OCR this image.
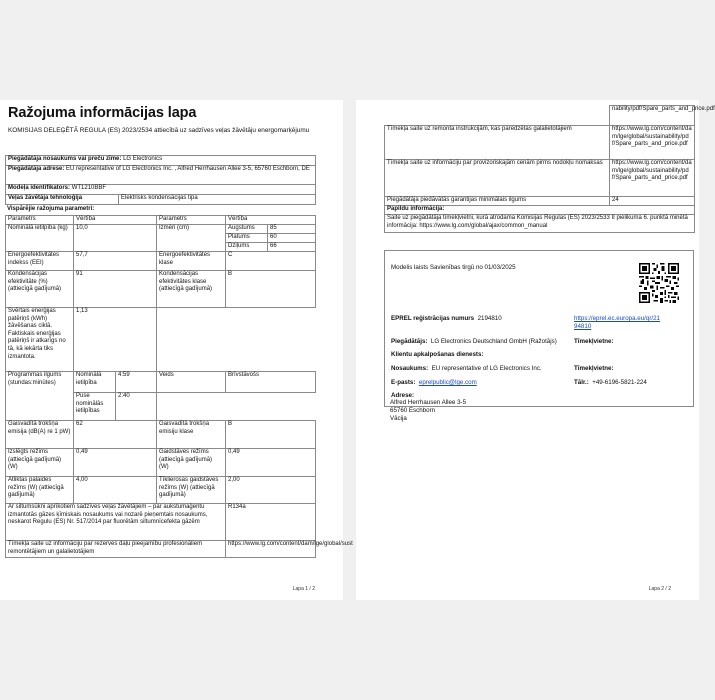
Ražojuma informācijas lapa
KOMISIJAS DELEĢĒTĀ REGULA (ES) 2023/2534 attiecībā uz sadzīves veļas žāvētāju energomarķējumu
Piegādātāja nosaukums vai preču zīme: LG Electronics
Piegādātāja adrese: EU representative of LG Electronics Inc. , Alfred Herrhausen Allee 3-5, 65760 Eschborn, DE
Modeļa identifikators: WT1210BBF
Veļas žāvētāja tehnoloģija	Elektrisks kondensācijas tipa
Vispārējie ražojuma parametri:
Parametrs	Vērtība		Parametrs	Vērtība	
Nominālā ietilpība (kg)	10,0		Izmēri (cm)	Augstums	85
				Platums	60
				Dziļums	66
Energoefektivitātes indekss (EEI)	57,7		Energoefektivitātes klase	C	
Kondensācijas efektivitāte (%) (attiecīgā gadījumā)	91		Kondensācijas efektivitātes klase (attiecīgā gadījumā)	B	
Svērtais enerģijas patēriņš (kWh) žāvēšanas ciklā. Faktiskais enerģijas patēriņš ir atkarīgs no tā, kā iekārta tiks izmantota.	1,13				
Programmas ilgums (stundas:minūtes)	Nominālā ietilpība	4:59	Veids	Brīvstāvošs	
	Puse nominālās ietilpības	2:40			
Gaisvadītā trokšņa emisija (dB(A) re 1 pW)	62		Gaisvadītā trokšņa emisiju klase	B	
Izslēgts režīms (attiecīgā gadījumā) (W)	0,49		Gaidstāves režīms (attiecīgā gadījumā) (W)	0,49	
Atliktas palaides režīms (W) (attiecīgā gadījumā)	4,00		Tīklierosas gaidstāves režīms (W) (attiecīgā gadījumā)	2,00	
Ar siltumsūkni aprīkotiem sadzīves veļas žāvētājiem – par aukstumaģentu izmantotās gāzes ķīmiskais nosaukums vai nozarē pieņemtais nosaukums, neskarot Regulu (ES) Nr. 517/2014 par fluorētām siltumnīcefekta gāzēm				R134a	
Tīmekļa saite uz informāciju par rezerves daļu pieejamību profesionāliem remontētājiem un galalietotājiem				https://www.lg.com/content/dam/lge/global/sust	
Lapa 1 / 2
	nability/pdf/Spare_parts_and_price.pdf
Tīmekļa saite uz remonta instrukcijām, kas paredzētas galalietotājiem	https://www.lg.com/content/dam/lge/global/sustainability/pdf/Spare_parts_and_price.pdf
Tīmekļa saite uz informāciju par provizoriskajām cenām pirms nodokļu nomaksas	https://www.lg.com/content/dam/lge/global/sustainability/pdf/Spare_parts_and_price.pdf
Piegādātāja piedāvātās garantijas minimālais ilgums	24
Papildu informācija:	
Saite uz piegādātāja tīmekļvietni, kurā atrodama Komisijas Regulas (ES) 2023/2533 II pielikuma 6. punktā minētā informācija: https://www.lg.com/global/ajax/common_manual	
Modelis laists Savienības tirgū no 01/03/2025
EPREL reģistrācijas numurs 2194810	https://eprel.ec.europa.eu/qr/2194810
Piegādātājs: LG Electronics Deutschland GmbH (Ražotājs)	Tīmekļvietne:
Klientu apkalpošanas dienests:
Nosaukums: EU representative of LG Electronics Inc.	Tīmekļvietne:
E-pasts: eprelpublic@lge.com	Tālr.: +49-6196-5821-224
Adrese:
Alfred Herrhausen Allee 3-5
65760 Eschborn
Vācija
Lapa 2 / 2
